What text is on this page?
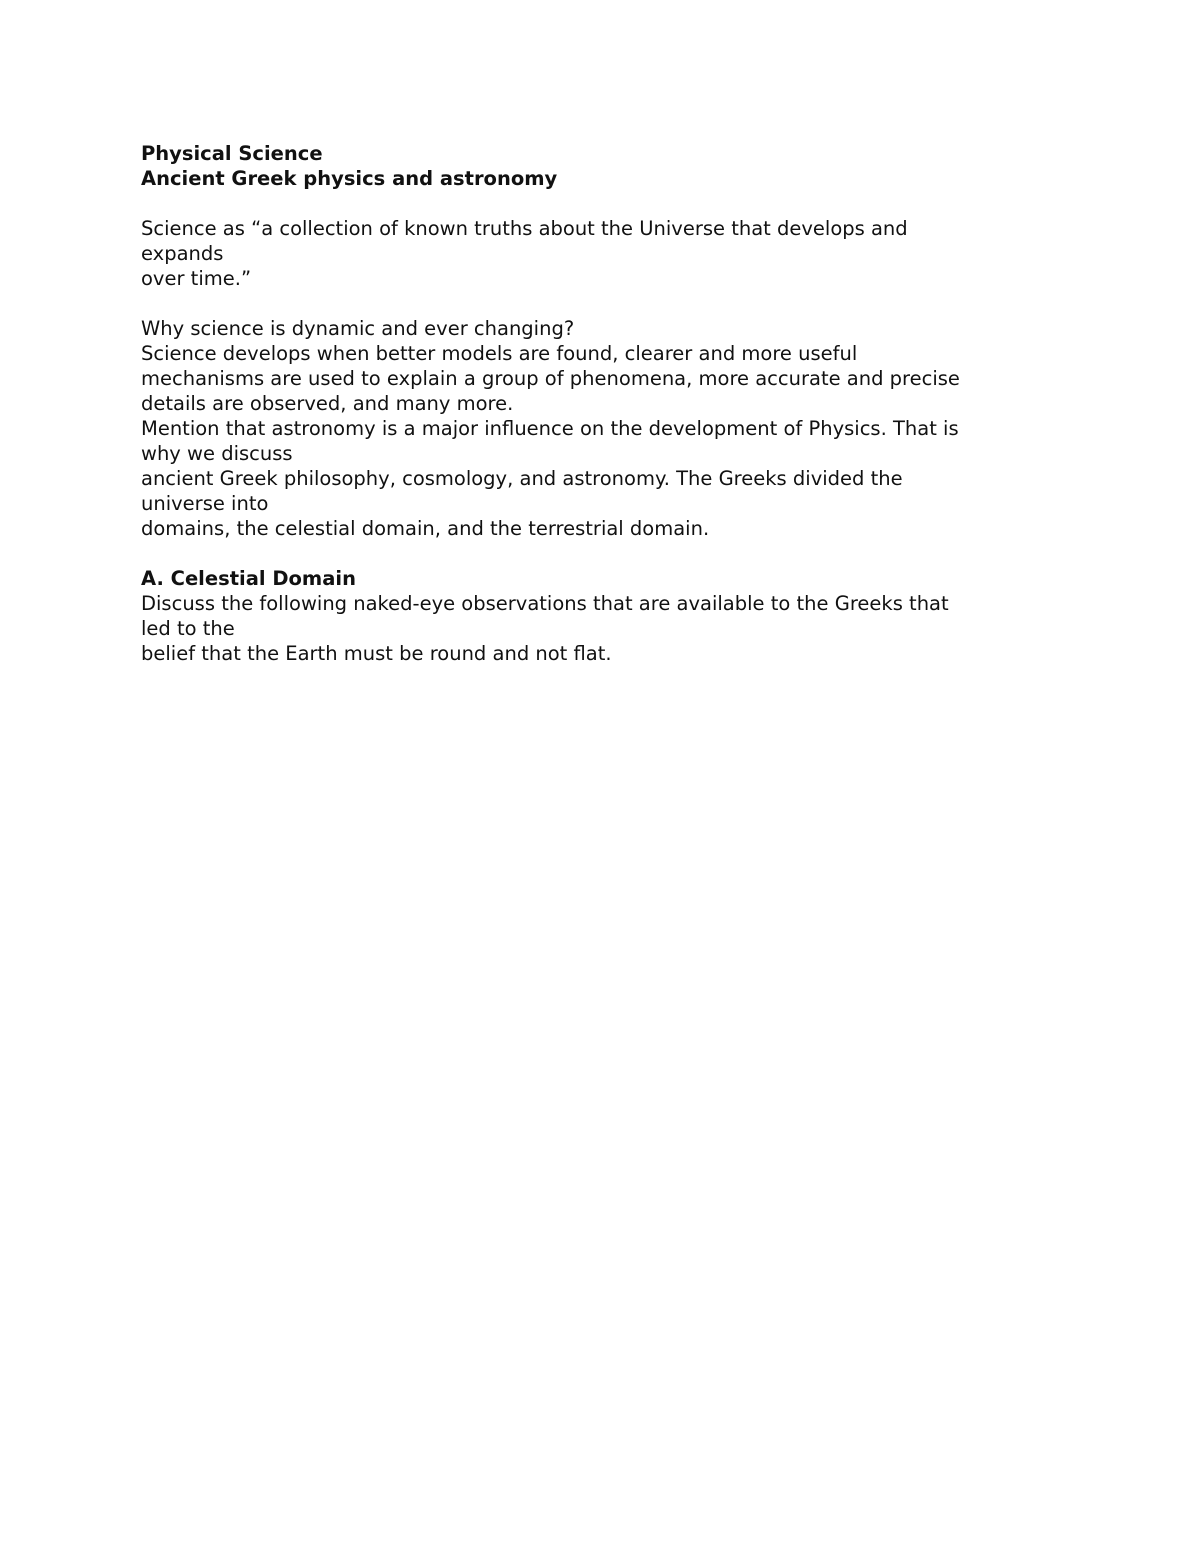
Physical Science
Ancient Greek physics and astronomy
Science as “a collection of known truths about the Universe that develops and
expands
over time.”
Why science is dynamic and ever changing?
Science develops when better models are found, clearer and more useful
mechanisms are used to explain a group of phenomena, more accurate and precise
details are observed, and many more.
Mention that astronomy is a major influence on the development of Physics. That is
why we discuss
ancient Greek philosophy, cosmology, and astronomy. The Greeks divided the
universe into
domains, the celestial domain, and the terrestrial domain.
A. Celestial Domain
Discuss the following naked-eye observations that are available to the Greeks that
led to the
belief that the Earth must be round and not flat.
